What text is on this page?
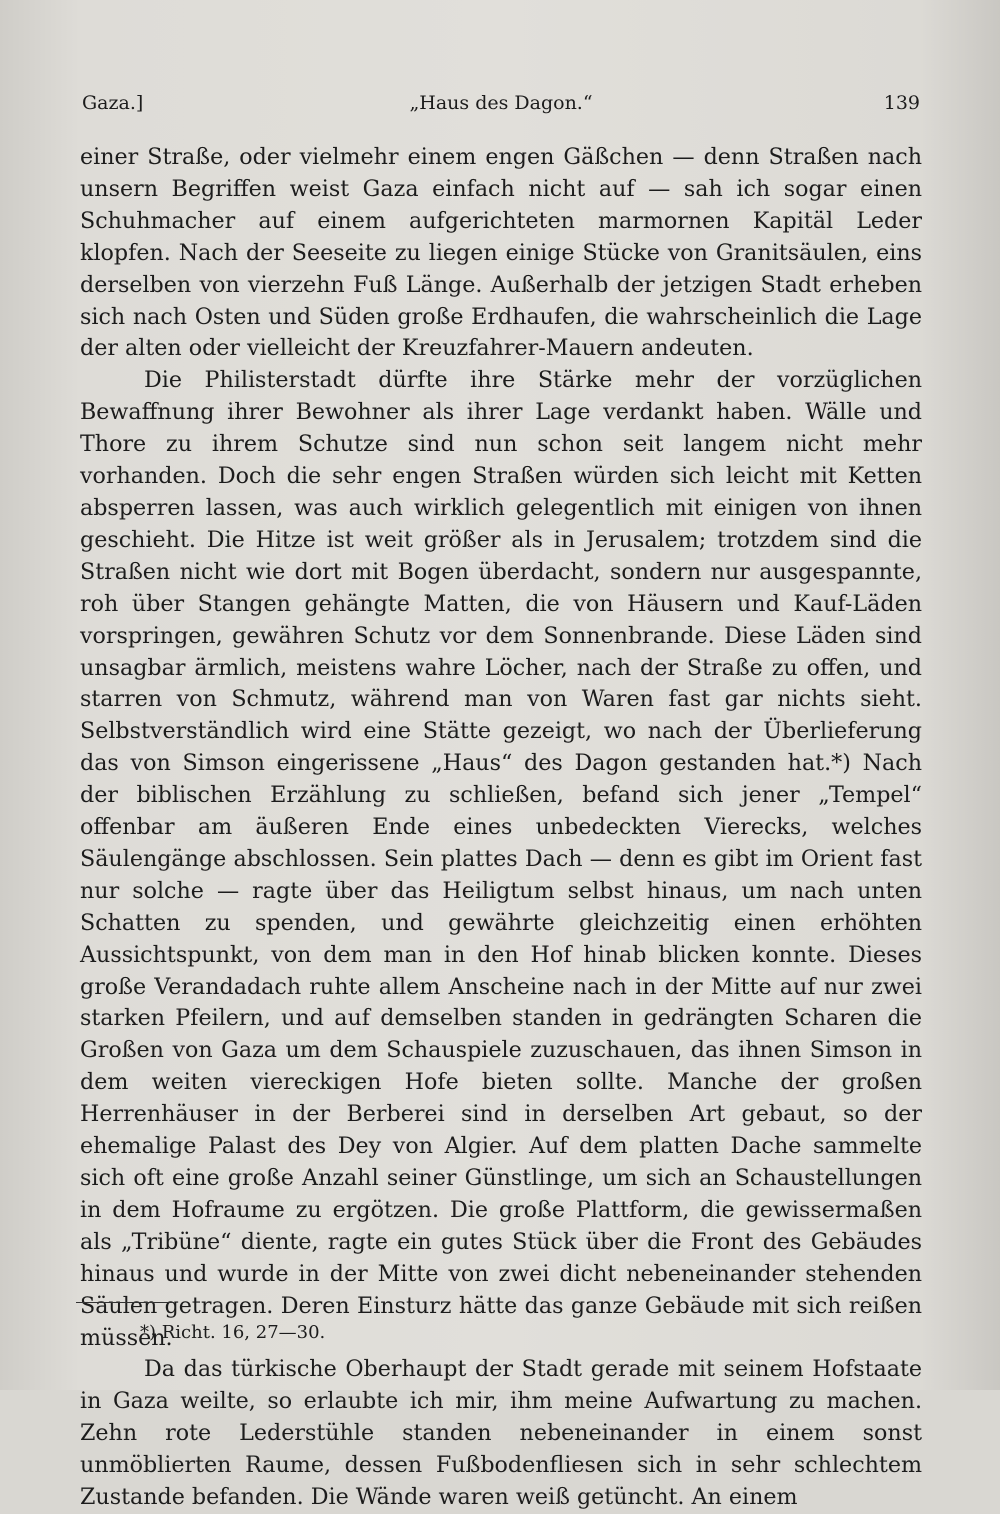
Gaza.]	„Haus des Dagon.“	139

einer Straße, oder vielmehr einem engen Gäßchen — denn Straßen nach unsern Begriffen weist Gaza einfach nicht auf — sah ich sogar einen Schuhmacher auf einem aufgerichteten marmornen Kapitäl Leder klopfen. Nach der Seeseite zu liegen einige Stücke von Granitsäulen, eins derselben von vierzehn Fuß Länge. Außerhalb der jetzigen Stadt erheben sich nach Osten und Süden große Erdhaufen, die wahrscheinlich die Lage der alten oder vielleicht der Kreuzfahrer-Mauern andeuten.

Die Philisterstadt dürfte ihre Stärke mehr der vorzüglichen Bewaffnung ihrer Bewohner als ihrer Lage verdankt haben. Wälle und Thore zu ihrem Schutze sind nun schon seit langem nicht mehr vorhanden. Doch die sehr engen Straßen würden sich leicht mit Ketten absperren lassen, was auch wirklich gelegentlich mit einigen von ihnen geschieht. Die Hitze ist weit größer als in Jerusalem; trotzdem sind die Straßen nicht wie dort mit Bogen überdacht, sondern nur ausgespannte, roh über Stangen gehängte Matten, die von Häusern und Kauf-Läden vorspringen, gewähren Schutz vor dem Sonnenbrande. Diese Läden sind unsagbar ärmlich, meistens wahre Löcher, nach der Straße zu offen, und starren von Schmutz, während man von Waren fast gar nichts sieht. Selbstverständlich wird eine Stätte gezeigt, wo nach der Überlieferung das von Simson eingerissene „Haus“ des Dagon gestanden hat.*) Nach der biblischen Erzählung zu schließen, befand sich jener „Tempel“ offenbar am äußeren Ende eines unbedeckten Vierecks, welches Säulengänge abschlossen. Sein plattes Dach — denn es gibt im Orient fast nur solche — ragte über das Heiligtum selbst hinaus, um nach unten Schatten zu spenden, und gewährte gleichzeitig einen erhöhten Aussichtspunkt, von dem man in den Hof hinab blicken konnte. Dieses große Verandadach ruhte allem Anscheine nach in der Mitte auf nur zwei starken Pfeilern, und auf demselben standen in gedrängten Scharen die Großen von Gaza um dem Schauspiele zuzuschauen, das ihnen Simson in dem weiten viereckigen Hofe bieten sollte. Manche der großen Herrenhäuser in der Berberei sind in derselben Art gebaut, so der ehemalige Palast des Dey von Algier. Auf dem platten Dache sammelte sich oft eine große Anzahl seiner Günstlinge, um sich an Schaustellungen in dem Hofraume zu ergötzen. Die große Plattform, die gewissermaßen als „Tribüne“ diente, ragte ein gutes Stück über die Front des Gebäudes hinaus und wurde in der Mitte von zwei dicht nebeneinander stehenden Säulen getragen. Deren Einsturz hätte das ganze Gebäude mit sich reißen müssen.

Da das türkische Oberhaupt der Stadt gerade mit seinem Hofstaate in Gaza weilte, so erlaubte ich mir, ihm meine Aufwartung zu machen. Zehn rote Lederstühle standen nebeneinander in einem sonst unmöblierten Raume, dessen Fußbodenfliesen sich in sehr schlechtem Zustande befanden. Die Wände waren weiß getüncht. An einem

*) Richt. 16, 27—30.
